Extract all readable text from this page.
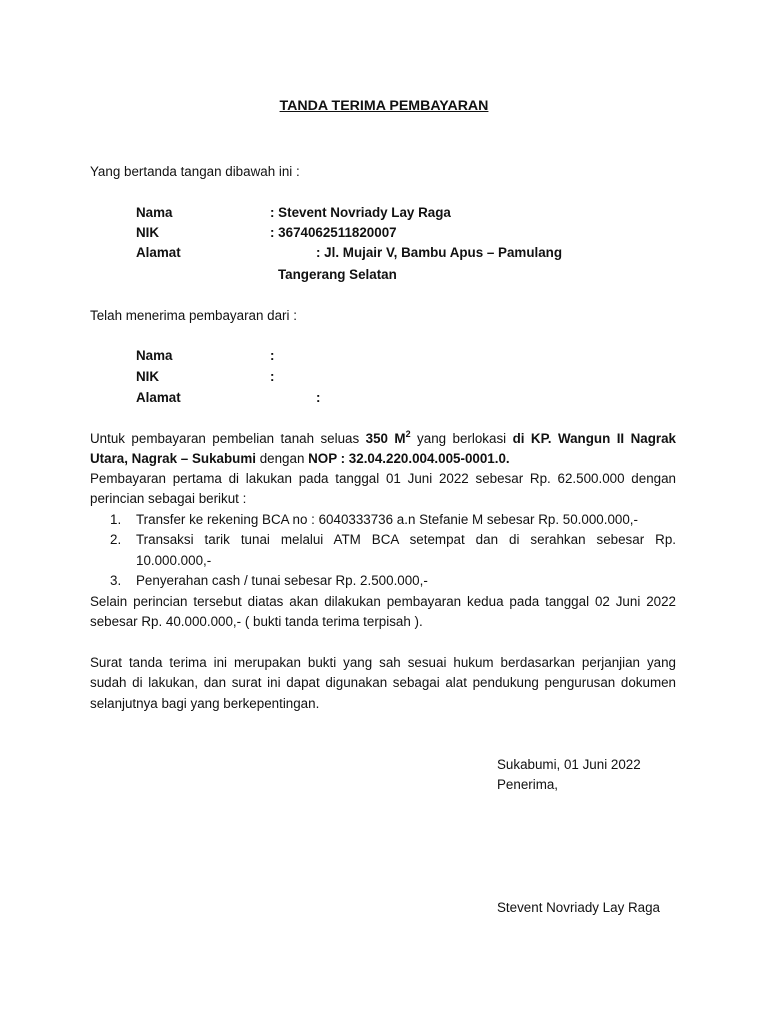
TANDA TERIMA PEMBAYARAN
Yang bertanda tangan dibawah ini :
Nama	: Stevent Novriady Lay Raga
NIK	: 3674062511820007
Alamat	: Jl. Mujair V, Bambu Apus – Pamulang
Tangerang Selatan
Telah menerima pembayaran dari :
Nama	:
NIK	:
Alamat	:
Untuk pembayaran pembelian tanah seluas 350 $M^2$ yang berlokasi di KP. Wangun II Nagrak
Utara, Nagrak – Sukabumi dengan NOP : 32.04.220.004.005-0001.0.
Pembayaran pertama di lakukan pada tanggal 01 Juni 2022 sebesar Rp. 62.500.000 dengan
perincian sebagai berikut :
1. Transfer ke rekening BCA no : 6040333736 a.n Stefanie M sebesar Rp. 50.000.000,-
2. Transaksi tarik tunai melalui ATM BCA setempat dan di serahkan sebesar Rp.
10.000.000,-
3. Penyerahan cash / tunai sebesar Rp. 2.500.000,-
Selain perincian tersebut diatas akan dilakukan pembayaran kedua pada tanggal 02 Juni 2022
sebesar Rp. 40.000.000,- ( bukti tanda terima terpisah ).
Surat tanda terima ini merupakan bukti yang sah sesuai hukum berdasarkan perjanjian yang
sudah di lakukan, dan surat ini dapat digunakan sebagai alat pendukung pengurusan dokumen
selanjutnya bagi yang berkepentingan.
Sukabumi, 01 Juni 2022
Penerima,
Stevent Novriady Lay Raga
